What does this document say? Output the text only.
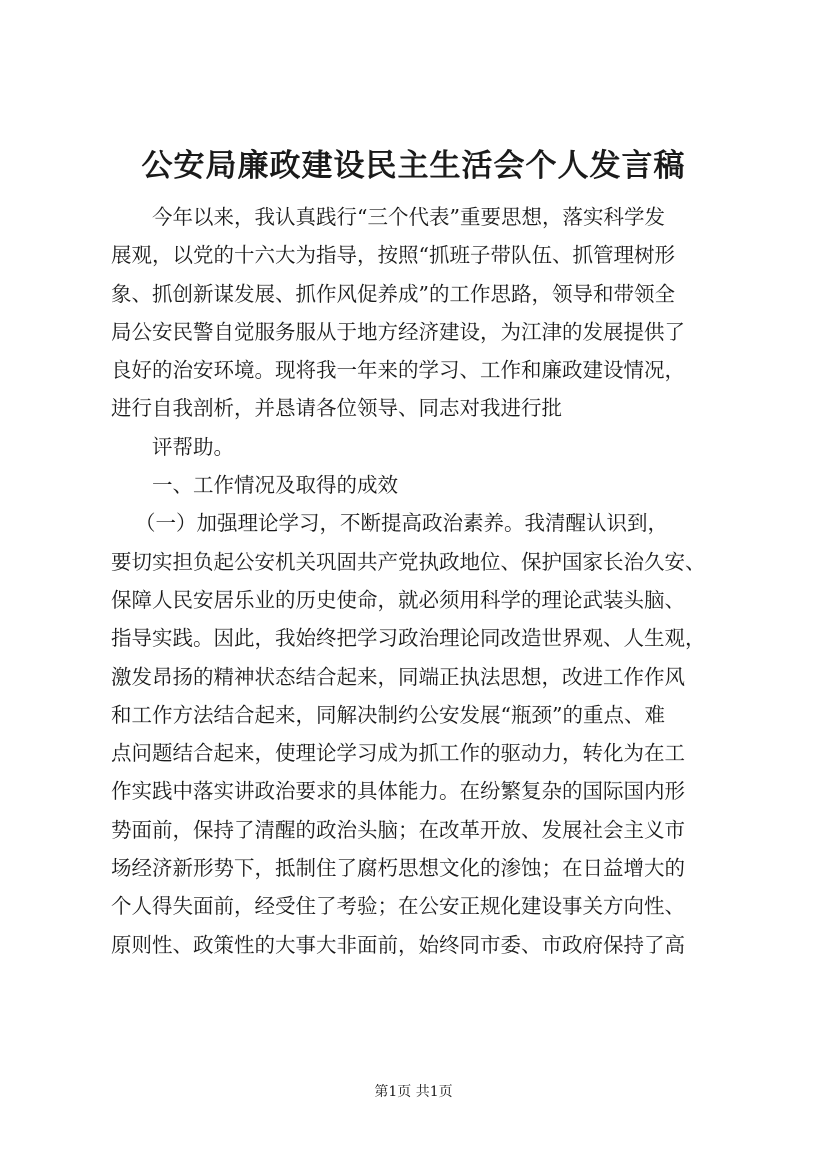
公安局廉政建设民主生活会个人发言稿
今年以来，我认真践行“三个代表”重要思想，落实科学发
展观，以党的十六大为指导，按照“抓班子带队伍、抓管理树形
象、抓创新谋发展、抓作风促养成”的工作思路，领导和带领全
局公安民警自觉服务服从于地方经济建设，为江津的发展提供了
良好的治安环境。现将我一年来的学习、工作和廉政建设情况，
进行自我剖析，并恳请各位领导、同志对我进行批
评帮助。
一、工作情况及取得的成效
（一）加强理论学习，不断提高政治素养。我清醒认识到，
要切实担负起公安机关巩固共产党执政地位、保护国家长治久安、
保障人民安居乐业的历史使命，就必须用科学的理论武装头脑、
指导实践。因此，我始终把学习政治理论同改造世界观、人生观，
激发昂扬的精神状态结合起来，同端正执法思想，改进工作作风
和工作方法结合起来，同解决制约公安发展“瓶颈”的重点、难
点问题结合起来，使理论学习成为抓工作的驱动力，转化为在工
作实践中落实讲政治要求的具体能力。在纷繁复杂的国际国内形
势面前，保持了清醒的政治头脑；在改革开放、发展社会主义市
场经济新形势下，抵制住了腐朽思想文化的渗蚀；在日益增大的
个人得失面前，经受住了考验；在公安正规化建设事关方向性、
原则性、政策性的大事大非面前，始终同市委、市政府保持了高
第1页 共1页
